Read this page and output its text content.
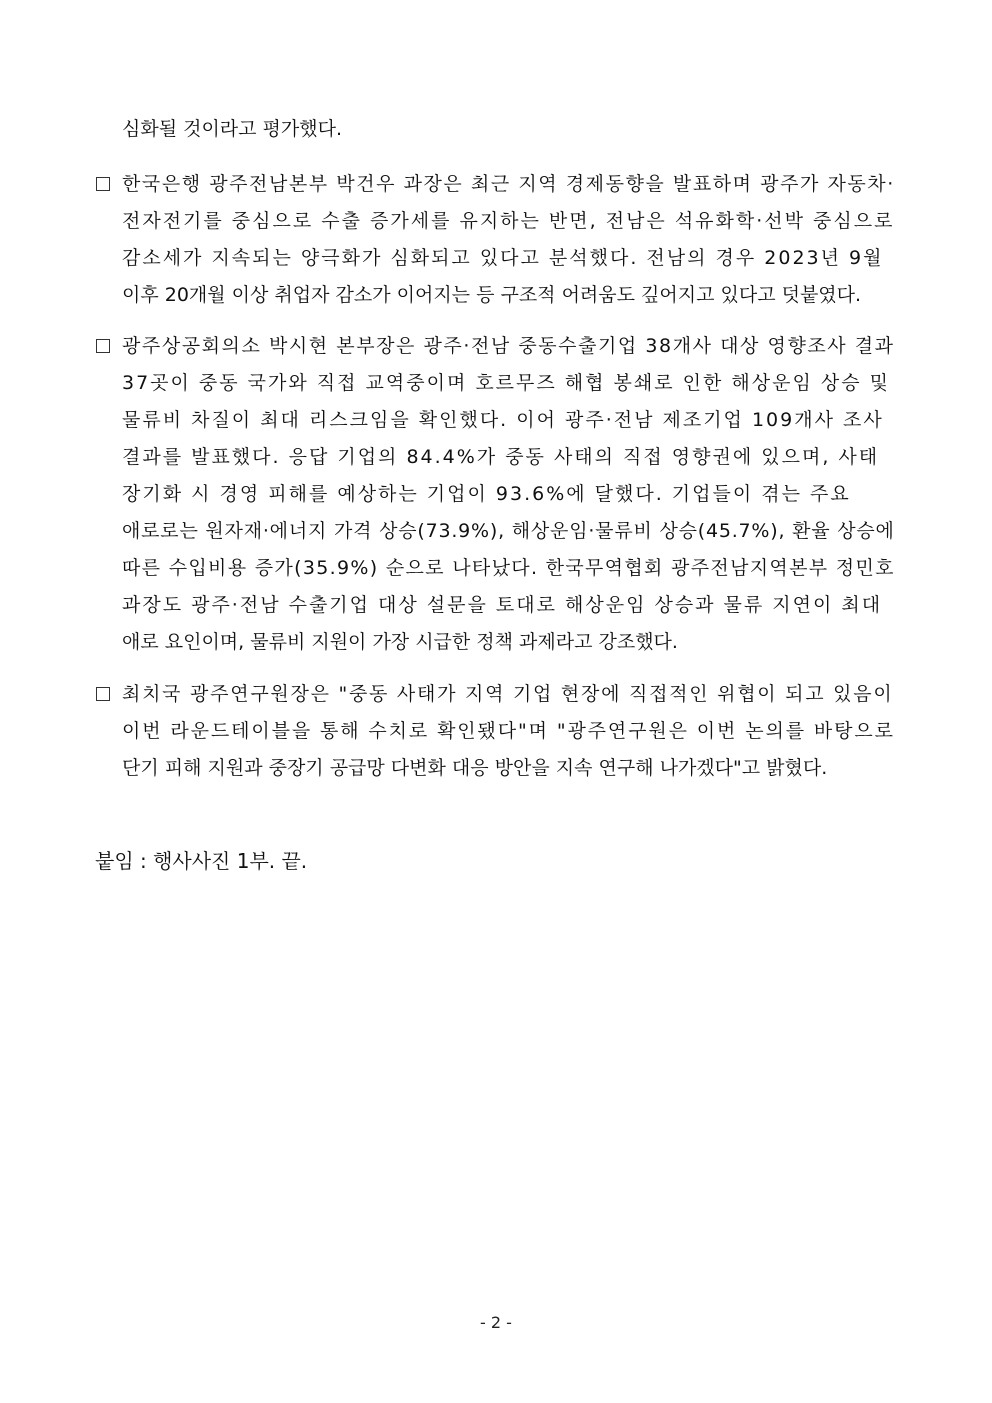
심화될 것이라고 평가했다.
한국은행 광주전남본부 박건우 과장은 최근 지역 경제동향을 발표하며 광주가 자동차·
전자전기를 중심으로 수출 증가세를 유지하는 반면, 전남은 석유화학·선박 중심으로
감소세가 지속되는 양극화가 심화되고 있다고 분석했다. 전남의 경우 2023년 9월
이후 20개월 이상 취업자 감소가 이어지는 등 구조적 어려움도 깊어지고 있다고 덧붙였다.
광주상공회의소 박시현 본부장은 광주·전남 중동수출기업 38개사 대상 영향조사 결과
37곳이 중동 국가와 직접 교역중이며 호르무즈 해협 봉쇄로 인한 해상운임 상승 및
물류비 차질이 최대 리스크임을 확인했다. 이어 광주·전남 제조기업 109개사 조사
결과를 발표했다. 응답 기업의 84.4%가 중동 사태의 직접 영향권에 있으며, 사태
장기화 시 경영 피해를 예상하는 기업이 93.6%에 달했다. 기업들이 겪는 주요
애로로는 원자재·에너지 가격 상승(73.9%), 해상운임·물류비 상승(45.7%), 환율 상승에
따른 수입비용 증가(35.9%) 순으로 나타났다. 한국무역협회 광주전남지역본부 정민호
과장도 광주·전남 수출기업 대상 설문을 토대로 해상운임 상승과 물류 지연이 최대
애로 요인이며, 물류비 지원이 가장 시급한 정책 과제라고 강조했다.
최치국 광주연구원장은 "중동 사태가 지역 기업 현장에 직접적인 위협이 되고 있음이
이번 라운드테이블을 통해 수치로 확인됐다"며 "광주연구원은 이번 논의를 바탕으로
단기 피해 지원과 중장기 공급망 다변화 대응 방안을 지속 연구해 나가겠다"고 밝혔다.
붙임 : 행사사진 1부. 끝.
- 2 -
